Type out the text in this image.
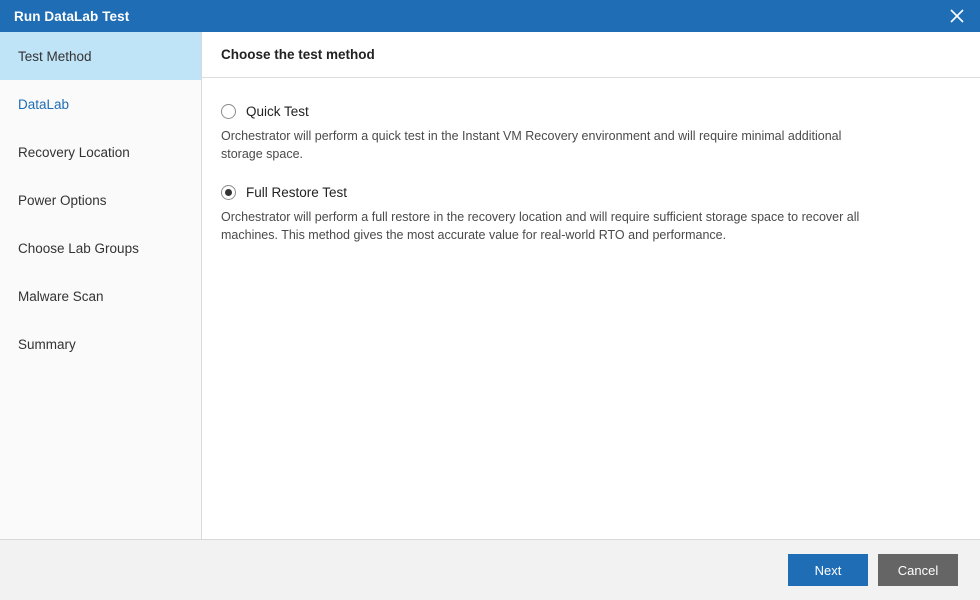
Run DataLab Test
Test Method
DataLab
Recovery Location
Power Options
Choose Lab Groups
Malware Scan
Summary
Choose the test method
Quick Test
Orchestrator will perform a quick test in the Instant VM Recovery environment and will require minimal additional storage space.
Full Restore Test
Orchestrator will perform a full restore in the recovery location and will require sufficient storage space to recover all machines. This method gives the most accurate value for real-world RTO and performance.
Next	Cancel
